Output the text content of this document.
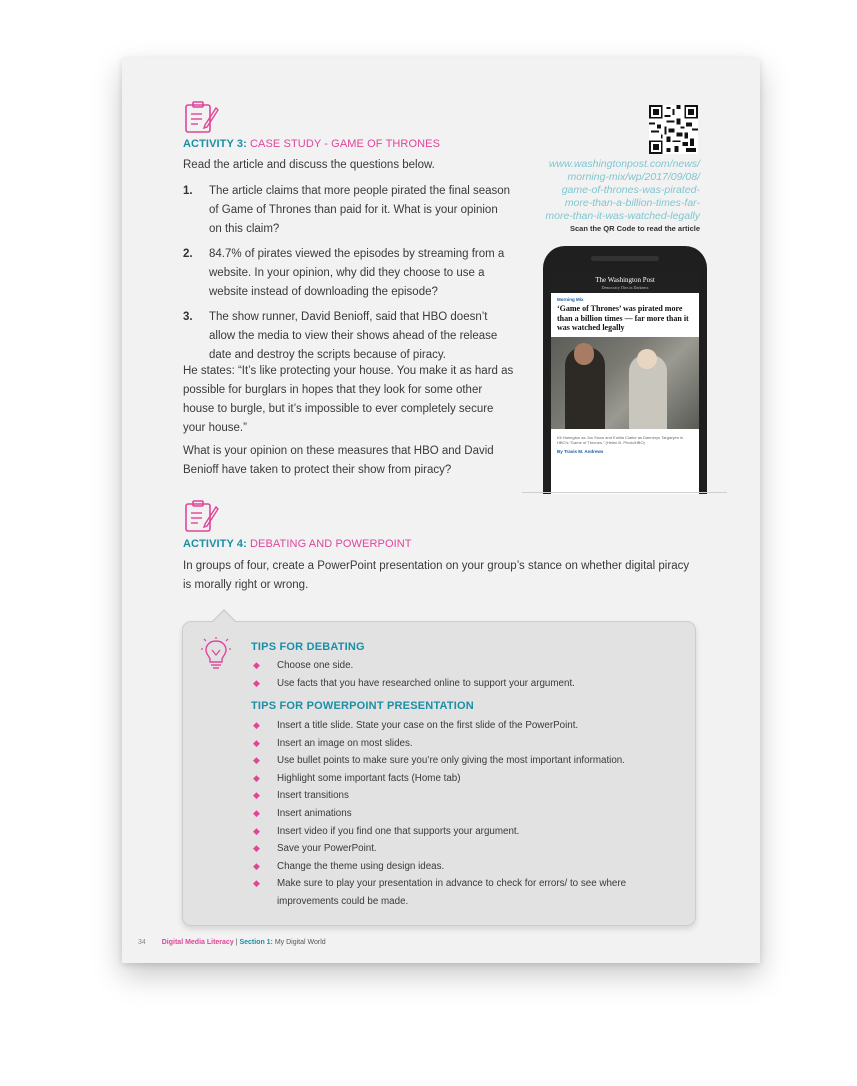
ACTIVITY 3: CASE STUDY - GAME OF THRONES
Read the article and discuss the questions below.
1. The article claims that more people pirated the final season of Game of Thrones than paid for it. What is your opinion on this claim?
2. 84.7% of pirates viewed the episodes by streaming from a website. In your opinion, why did they choose to use a website instead of downloading the episode?
3. The show runner, David Benioff, said that HBO doesn’t allow the media to view their shows ahead of the release date and destroy the scripts because of piracy.
He states: “It’s like protecting your house. You make it as hard as possible for burglars in hopes that they look for some other house to burgle, but it’s impossible to ever completely secure your house.”
What is your opinion on these measures that HBO and David Benioff have taken to protect their show from piracy?
www.washingtonpost.com/news/
morning-mix/wp/2017/09/08/
game-of-thrones-was-pirated-
more-than-a-billion-times-far-
more-than-it-was-watched-legally
Scan the QR Code to read the article
The Washington Post
Democracy Dies in Darkness
Morning Mix
‘Game of Thrones’ was pirated more than a billion times — far more than it was watched legally
Kit Harington as Jon Snow and Emilia Clarke as Daenerys Targaryen in HBO’s “Game of Thrones.” (Helen B. Photo/HBO)
By Travis M. Andrews
ACTIVITY 4: DEBATING AND POWERPOINT
In groups of four, create a PowerPoint presentation on your group’s stance on whether digital piracy is morally right or wrong.
TIPS FOR DEBATING
◆ Choose one side.
◆ Use facts that you have researched online to support your argument.
TIPS FOR POWERPOINT PRESENTATION
◆ Insert a title slide. State your case on the first slide of the PowerPoint.
◆ Insert an image on most slides.
◆ Use bullet points to make sure you’re only giving the most important information.
◆ Highlight some important facts (Home tab)
◆ Insert transitions
◆ Insert animations
◆ Insert video if you find one that supports your argument.
◆ Save your PowerPoint.
◆ Change the theme using design ideas.
◆ Make sure to play your presentation in advance to check for errors/ to see where improvements could be made.
34 Digital Media Literacy | Section 1: My Digital World
